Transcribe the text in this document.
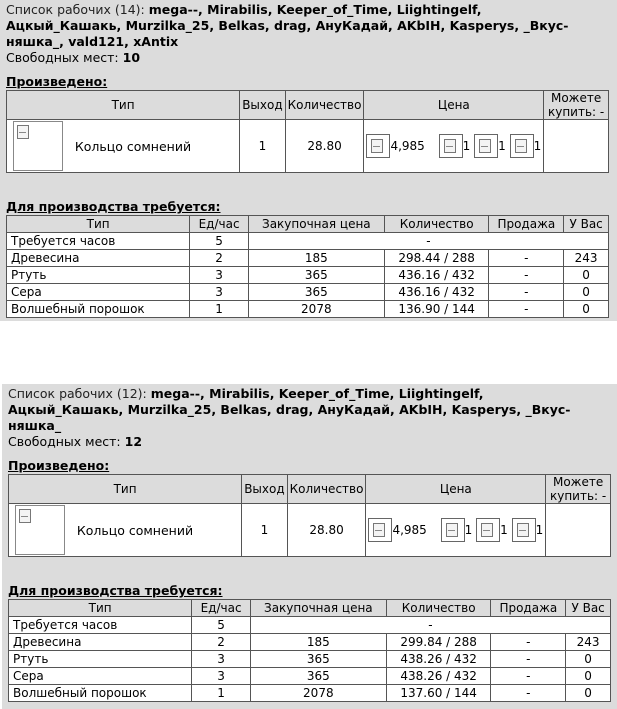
Список рабочих (14): mega--, Mirabilis, Keeper_of_Time, Liightingelf, Ацкый_Кашакь, Murzilka_25, Belkas, drag, АнуКадай, AKbIH, Kasperys, _Вкус-няшка_, vald121, xAntix
Свободных мест: 10
Произведено:
Тип	Выход	Количество	Цена	Можете купить: -

Кольцо сомнений	1	28.80	4,985 1 1 1	
Для производства требуется:
Тип	Ед/час	Закупочная цена	Количество	Продажа	У Вас
Требуется часов	5	-			
Древесина	2	185	298.44 / 288	-	243
Ртуть	3	365	436.16 / 432	-	0
Сера	3	365	436.16 / 432	-	0
Волшебный порошок	1	2078	136.90 / 144	-	0
Список рабочих (12): mega--, Mirabilis, Keeper_of_Time, Liightingelf, Ацкый_Кашакь, Murzilka_25, Belkas, drag, АнуКадай, AKbIH, Kasperys, _Вкус-няшка_
Свободных мест: 12
Произведено:
Тип	Выход	Количество	Цена	Можете купить: -

Кольцо сомнений	1	28.80	4,985 1 1 1	
Для производства требуется:
Тип	Ед/час	Закупочная цена	Количество	Продажа	У Вас
Требуется часов	5	-			
Древесина	2	185	299.84 / 288	-	243
Ртуть	3	365	438.26 / 432	-	0
Сера	3	365	438.26 / 432	-	0
Волшебный порошок	1	2078	137.60 / 144	-	0
